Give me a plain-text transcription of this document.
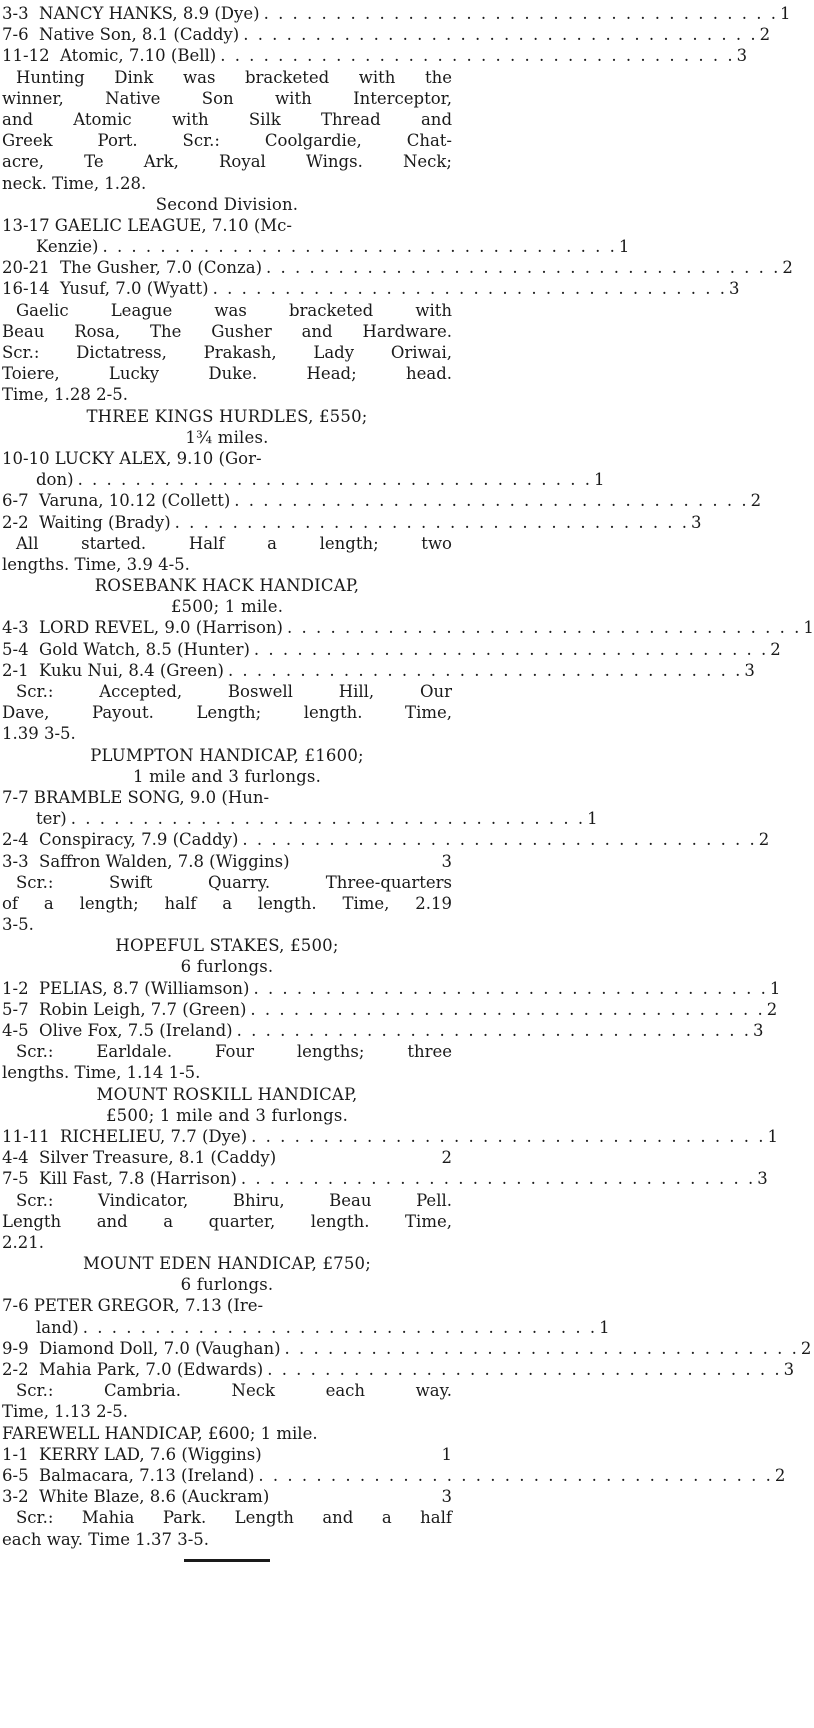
3-3  NANCY HANKS, 8.9 (Dye) . . . . . . . . . . . . . . . . . . . . . . . . . . . . . . . . . . . . 1
7-6  Native Son, 8.1 (Caddy) . . . . . . . . . . . . . . . . . . . . . . . . . . . . . . . . . . . . 2
11-12  Atomic, 7.10 (Bell) . . . . . . . . . . . . . . . . . . . . . . . . . . . . . . . . . . . . 3
Hunting Dink was bracketed with the
winner, Native Son with Interceptor,
and Atomic with Silk Thread and
Greek Port. Scr.: Coolgardie, Chat-
acre, Te Ark, Royal Wings. Neck;
neck. Time, 1.28.
Second Division.
13-17 GAELIC LEAGUE, 7.10 (Mc-
Kenzie) . . . . . . . . . . . . . . . . . . . . . . . . . . . . . . . . . . . . 1
20-21  The Gusher, 7.0 (Conza) . . . . . . . . . . . . . . . . . . . . . . . . . . . . . . . . . . . . 2
16-14  Yusuf, 7.0 (Wyatt) . . . . . . . . . . . . . . . . . . . . . . . . . . . . . . . . . . . . 3
Gaelic League was bracketed with
Beau Rosa, The Gusher and Hardware.
Scr.: Dictatress, Prakash, Lady Oriwai,
Toiere, Lucky Duke. Head; head.
Time, 1.28 2-5.
THREE KINGS HURDLES, £550;
1¾ miles.
10-10 LUCKY ALEX, 9.10 (Gor-
don) . . . . . . . . . . . . . . . . . . . . . . . . . . . . . . . . . . . . 1
6-7  Varuna, 10.12 (Collett) . . . . . . . . . . . . . . . . . . . . . . . . . . . . . . . . . . . . 2
2-2  Waiting (Brady) . . . . . . . . . . . . . . . . . . . . . . . . . . . . . . . . . . . . 3
All started. Half a length; two
lengths. Time, 3.9 4-5.
ROSEBANK HACK HANDICAP,
£500; 1 mile.
4-3  LORD REVEL, 9.0 (Harrison) . . . . . . . . . . . . . . . . . . . . . . . . . . . . . . . . . . . . 1
5-4  Gold Watch, 8.5 (Hunter) . . . . . . . . . . . . . . . . . . . . . . . . . . . . . . . . . . . . 2
2-1  Kuku Nui, 8.4 (Green) . . . . . . . . . . . . . . . . . . . . . . . . . . . . . . . . . . . . 3
Scr.: Accepted, Boswell Hill, Our
Dave, Payout. Length; length. Time,
1.39 3-5.
PLUMPTON HANDICAP, £1600;
1 mile and 3 furlongs.
7-7 BRAMBLE SONG, 9.0 (Hun-
ter) . . . . . . . . . . . . . . . . . . . . . . . . . . . . . . . . . . . . 1
2-4  Conspiracy, 7.9 (Caddy) . . . . . . . . . . . . . . . . . . . . . . . . . . . . . . . . . . . . 2
3-3  Saffron Walden, 7.8 (Wiggins)	3
Scr.: Swift Quarry. Three-quarters
of a length; half a length. Time, 2.19
3-5.
HOPEFUL STAKES, £500;
6 furlongs.
1-2  PELIAS, 8.7 (Williamson) . . . . . . . . . . . . . . . . . . . . . . . . . . . . . . . . . . . . 1
5-7  Robin Leigh, 7.7 (Green) . . . . . . . . . . . . . . . . . . . . . . . . . . . . . . . . . . . . 2
4-5  Olive Fox, 7.5 (Ireland) . . . . . . . . . . . . . . . . . . . . . . . . . . . . . . . . . . . . 3
Scr.: Earldale. Four lengths; three
lengths. Time, 1.14 1-5.
MOUNT ROSKILL HANDICAP,
£500; 1 mile and 3 furlongs.
11-11  RICHELIEU, 7.7 (Dye) . . . . . . . . . . . . . . . . . . . . . . . . . . . . . . . . . . . . 1
4-4  Silver Treasure, 8.1 (Caddy)	2
7-5  Kill Fast, 7.8 (Harrison) . . . . . . . . . . . . . . . . . . . . . . . . . . . . . . . . . . . . 3
Scr.: Vindicator, Bhiru, Beau Pell.
Length and a quarter, length. Time,
2.21.
MOUNT EDEN HANDICAP, £750;
6 furlongs.
7-6 PETER GREGOR, 7.13 (Ire-
land) . . . . . . . . . . . . . . . . . . . . . . . . . . . . . . . . . . . . 1
9-9  Diamond Doll, 7.0 (Vaughan) . . . . . . . . . . . . . . . . . . . . . . . . . . . . . . . . . . . . 2
2-2  Mahia Park, 7.0 (Edwards) . . . . . . . . . . . . . . . . . . . . . . . . . . . . . . . . . . . . 3
Scr.: Cambria. Neck each way.
Time, 1.13 2-5.
FAREWELL HANDICAP, £600; 1 mile.
1-1  KERRY LAD, 7.6 (Wiggins)	1
6-5  Balmacara, 7.13 (Ireland) . . . . . . . . . . . . . . . . . . . . . . . . . . . . . . . . . . . . 2
3-2  White Blaze, 8.6 (Auckram)	3
Scr.: Mahia Park. Length and a half
each way. Time 1.37 3-5.
